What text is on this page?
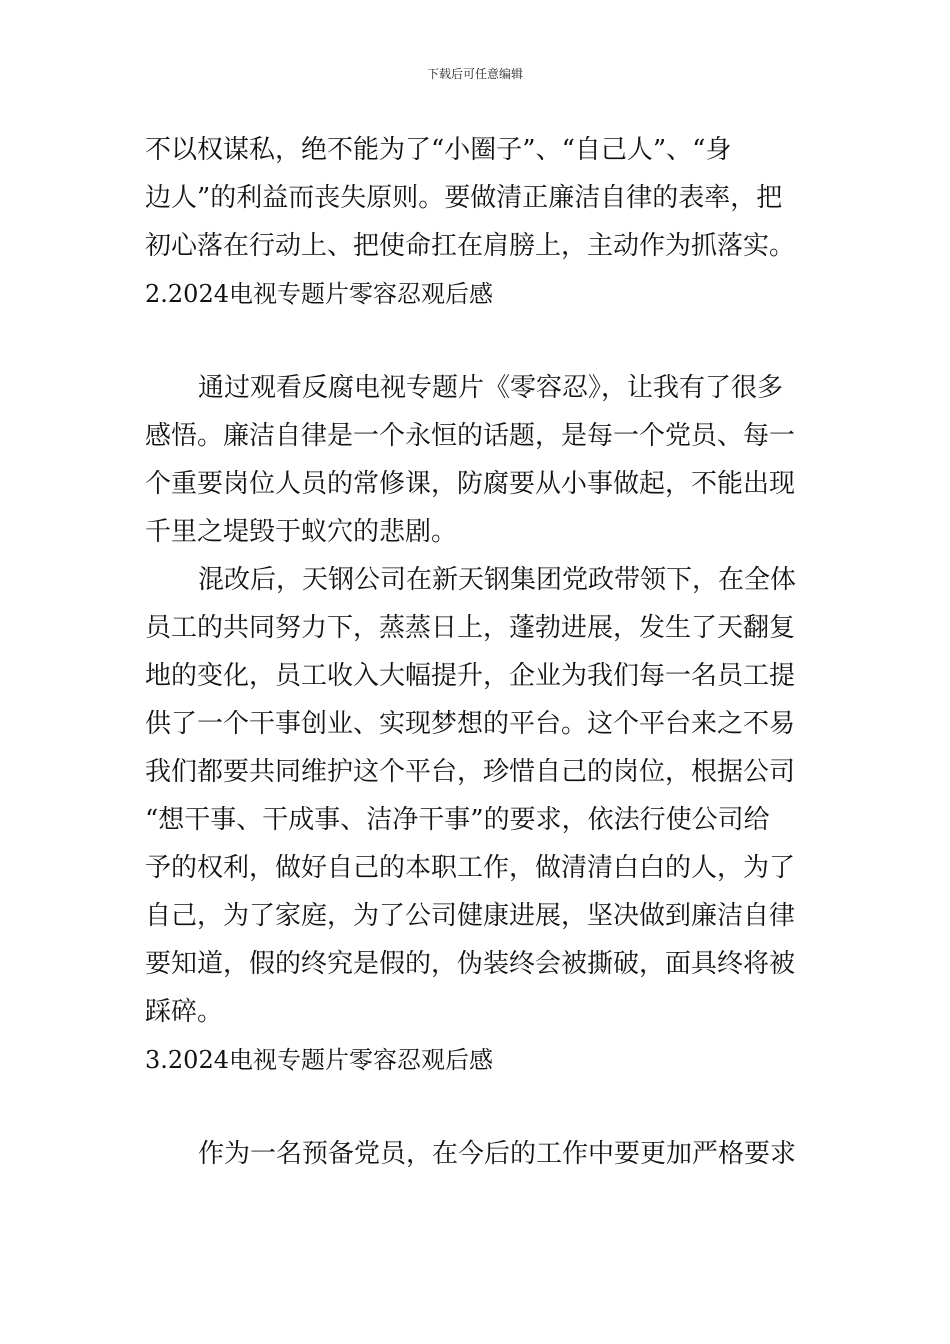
下载后可任意编辑
不以权谋私，绝不能为了“小圈子”、“自己人”、“身
边人”的利益而丧失原则。要做清正廉洁自律的表率，把
初心落在行动上、把使命扛在肩膀上，主动作为抓落实。
2.2024电视专题片零容忍观后感
通过观看反腐电视专题片《零容忍》，让我有了很多
感悟。廉洁自律是一个永恒的话题，是每一个党员、每一
个重要岗位人员的常修课，防腐要从小事做起，不能出现
千里之堤毁于蚁穴的悲剧。
混改后，天钢公司在新天钢集团党政带领下，在全体
员工的共同努力下，蒸蒸日上，蓬勃进展，发生了天翻复
地的变化，员工收入大幅提升，企业为我们每一名员工提
供了一个干事创业、实现梦想的平台。这个平台来之不易
我们都要共同维护这个平台，珍惜自己的岗位，根据公司
“想干事、干成事、洁净干事”的要求，依法行使公司给
予的权利，做好自己的本职工作，做清清白白的人，为了
自己，为了家庭，为了公司健康进展，坚决做到廉洁自律
要知道，假的终究是假的，伪装终会被撕破，面具终将被
踩碎。
3.2024电视专题片零容忍观后感
作为一名预备党员，在今后的工作中要更加严格要求
